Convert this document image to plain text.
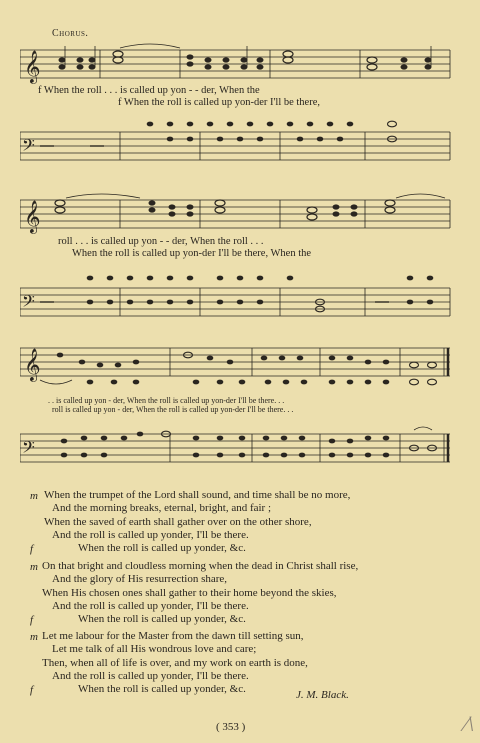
Chorus.
𝄞
f When the roll . . . is called up yon - - der, When the
f When the roll is called up yon-der I'll be there,
𝄢
𝄞
roll . . . is called up yon - - der, When the roll . . .
When the roll is called up yon-der I'll be there, When the
𝄢
𝄞
. . is called up yon - der, When the roll is called up yon-der I'll be there. . .
roll is called up yon - der, When the roll is called up yon-der I'll be there. . .
𝄢
m When the trumpet of the Lord shall sound, and time shall be no more,
And the morning breaks, eternal, bright, and fair ;
When the saved of earth shall gather over on the other shore,
And the roll is called up yonder, I'll be there.
f	When the roll is called up yonder, &c.
m On that bright and cloudless morning when the dead in Christ shall rise,
And the glory of His resurrection share,
When His chosen ones shall gather to their home beyond the skies,
And the roll is called up yonder, I'll be there.
f	When the roll is called up yonder, &c.
m Let me labour for the Master from the dawn till setting sun,
Let me talk of all His wondrous love and care;
Then, when all of life is over, and my work on earth is done,
And the roll is called up yonder, I'll be there.
f	When the roll is called up yonder, &c.	J. M. Black.
( 353 )	∕\
